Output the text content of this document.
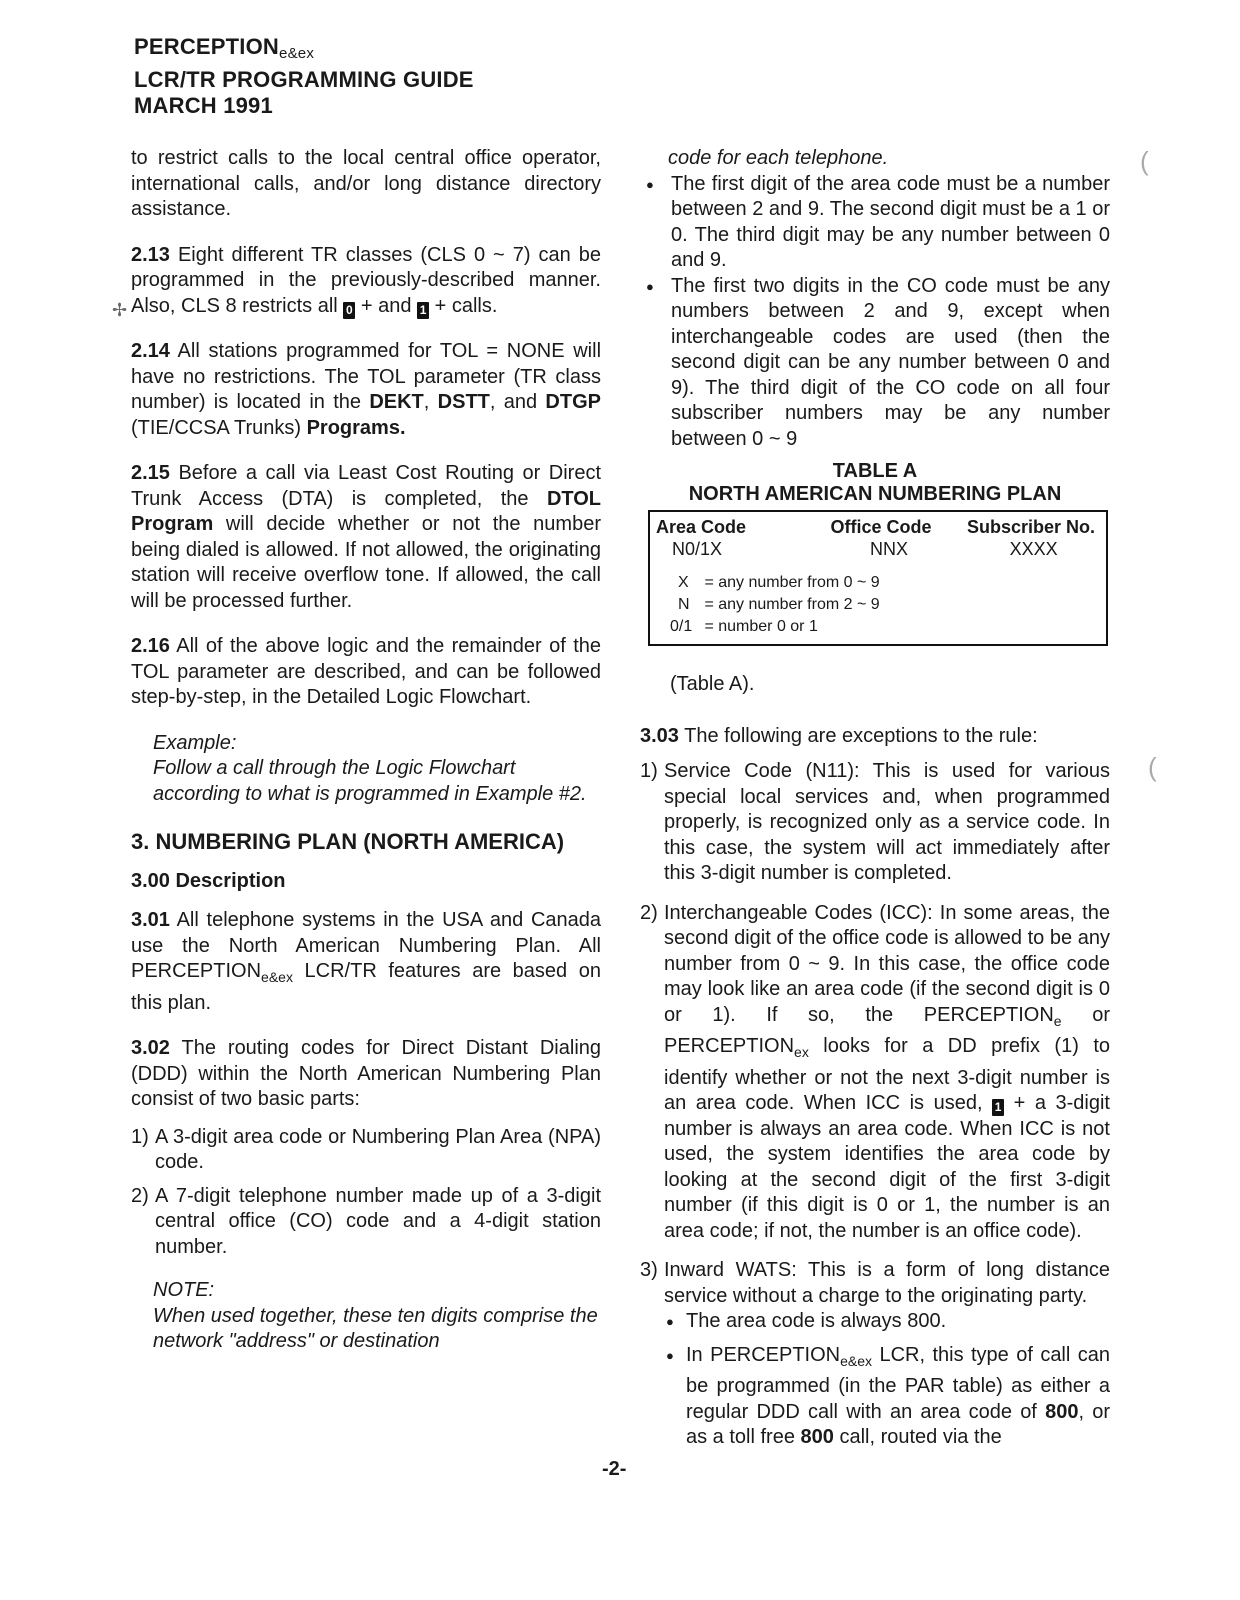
$PERCEPTION_{e\&ex}$
LCR/TR PROGRAMMING GUIDE
MARCH 1991

to restrict calls to the local central office operator, international calls, and/or long distance directory assistance.

2.13 Eight different TR classes (CLS 0 ~ 7) can be programmed in the previously-described manner. Also, CLS 8 restricts all 0 + and 1 + calls.

2.14 All stations programmed for TOL = NONE will have no restrictions. The TOL parameter (TR class number) is located in the DEKT, DSTT, and DTGP (TIE/CCSA Trunks) Programs.

2.15 Before a call via Least Cost Routing or Direct Trunk Access (DTA) is completed, the DTOL Program will decide whether or not the number being dialed is allowed. If not allowed, the originating station will receive overflow tone. If allowed, the call will be processed further.

2.16 All of the above logic and the remainder of the TOL parameter are described, and can be followed step-by-step, in the Detailed Logic Flowchart.

Example:
Follow a call through the Logic Flowchart according to what is programmed in Example #2.
3. NUMBERING PLAN (NORTH AMERICA)
3.00 Description

3.01 All telephone systems in the USA and Canada use the North American Numbering Plan. All $PERCEPTION_{e\&ex}$ LCR/TR features are based on this plan.

3.02 The routing codes for Direct Distant Dialing (DDD) within the North American Numbering Plan consist of two basic parts:

1) A 3-digit area code or Numbering Plan Area (NPA) code.
2) A 7-digit telephone number made up of a 3-digit central office (CO) code and a 4-digit station number.
NOTE:
When used together, these ten digits comprise the network "address" or destination
code for each telephone.
● The first digit of the area code must be a number between 2 and 9. The second digit must be a 1 or 0. The third digit may be any number between 0 and 9.
● The first two digits in the CO code must be any numbers between 2 and 9, except when interchangeable codes are used (then the second digit can be any number between 0 and 9). The third digit of the CO code on all four subscriber numbers may be any number between 0 ~ 9
TABLE A
NORTH AMERICAN NUMBERING PLAN
Area Code	Office Code	Subscriber No.
N0/1X	NNX	XXXX
X = any number from 0 ~ 9
N = any number from 2 ~ 9
0/1 = number 0 or 1

(Table A).

3.03 The following are exceptions to the rule:

1) Service Code (N11): This is used for various special local services and, when programmed properly, is recognized only as a service code. In this case, the system will act immediately after this 3-digit number is completed.
2) Interchangeable Codes (ICC): In some areas, the second digit of the office code is allowed to be any number from 0 ~ 9. In this case, the office code may look like an area code (if the second digit is 0 or 1). If so, the $PERCEPTION_e$ or $PERCEPTION_{ex}$ looks for a DD prefix (1) to identify whether or not the next 3-digit number is an area code. When ICC is used, 1 + a 3-digit number is always an area code. When ICC is not used, the system identifies the area code by looking at the second digit of the first 3-digit number (if this digit is 0 or 1, the number is an area code; if not, the number is an office code).
3) Inward WATS: This is a form of long distance service without a charge to the originating party.
● The area code is always 800.
● In $PERCEPTION_{e\&ex}$ LCR, this type of call can be programmed (in the PAR table) as either a regular DDD call with an area code of 800, or as a toll free 800 call, routed via the
✢
(
(
-2-
